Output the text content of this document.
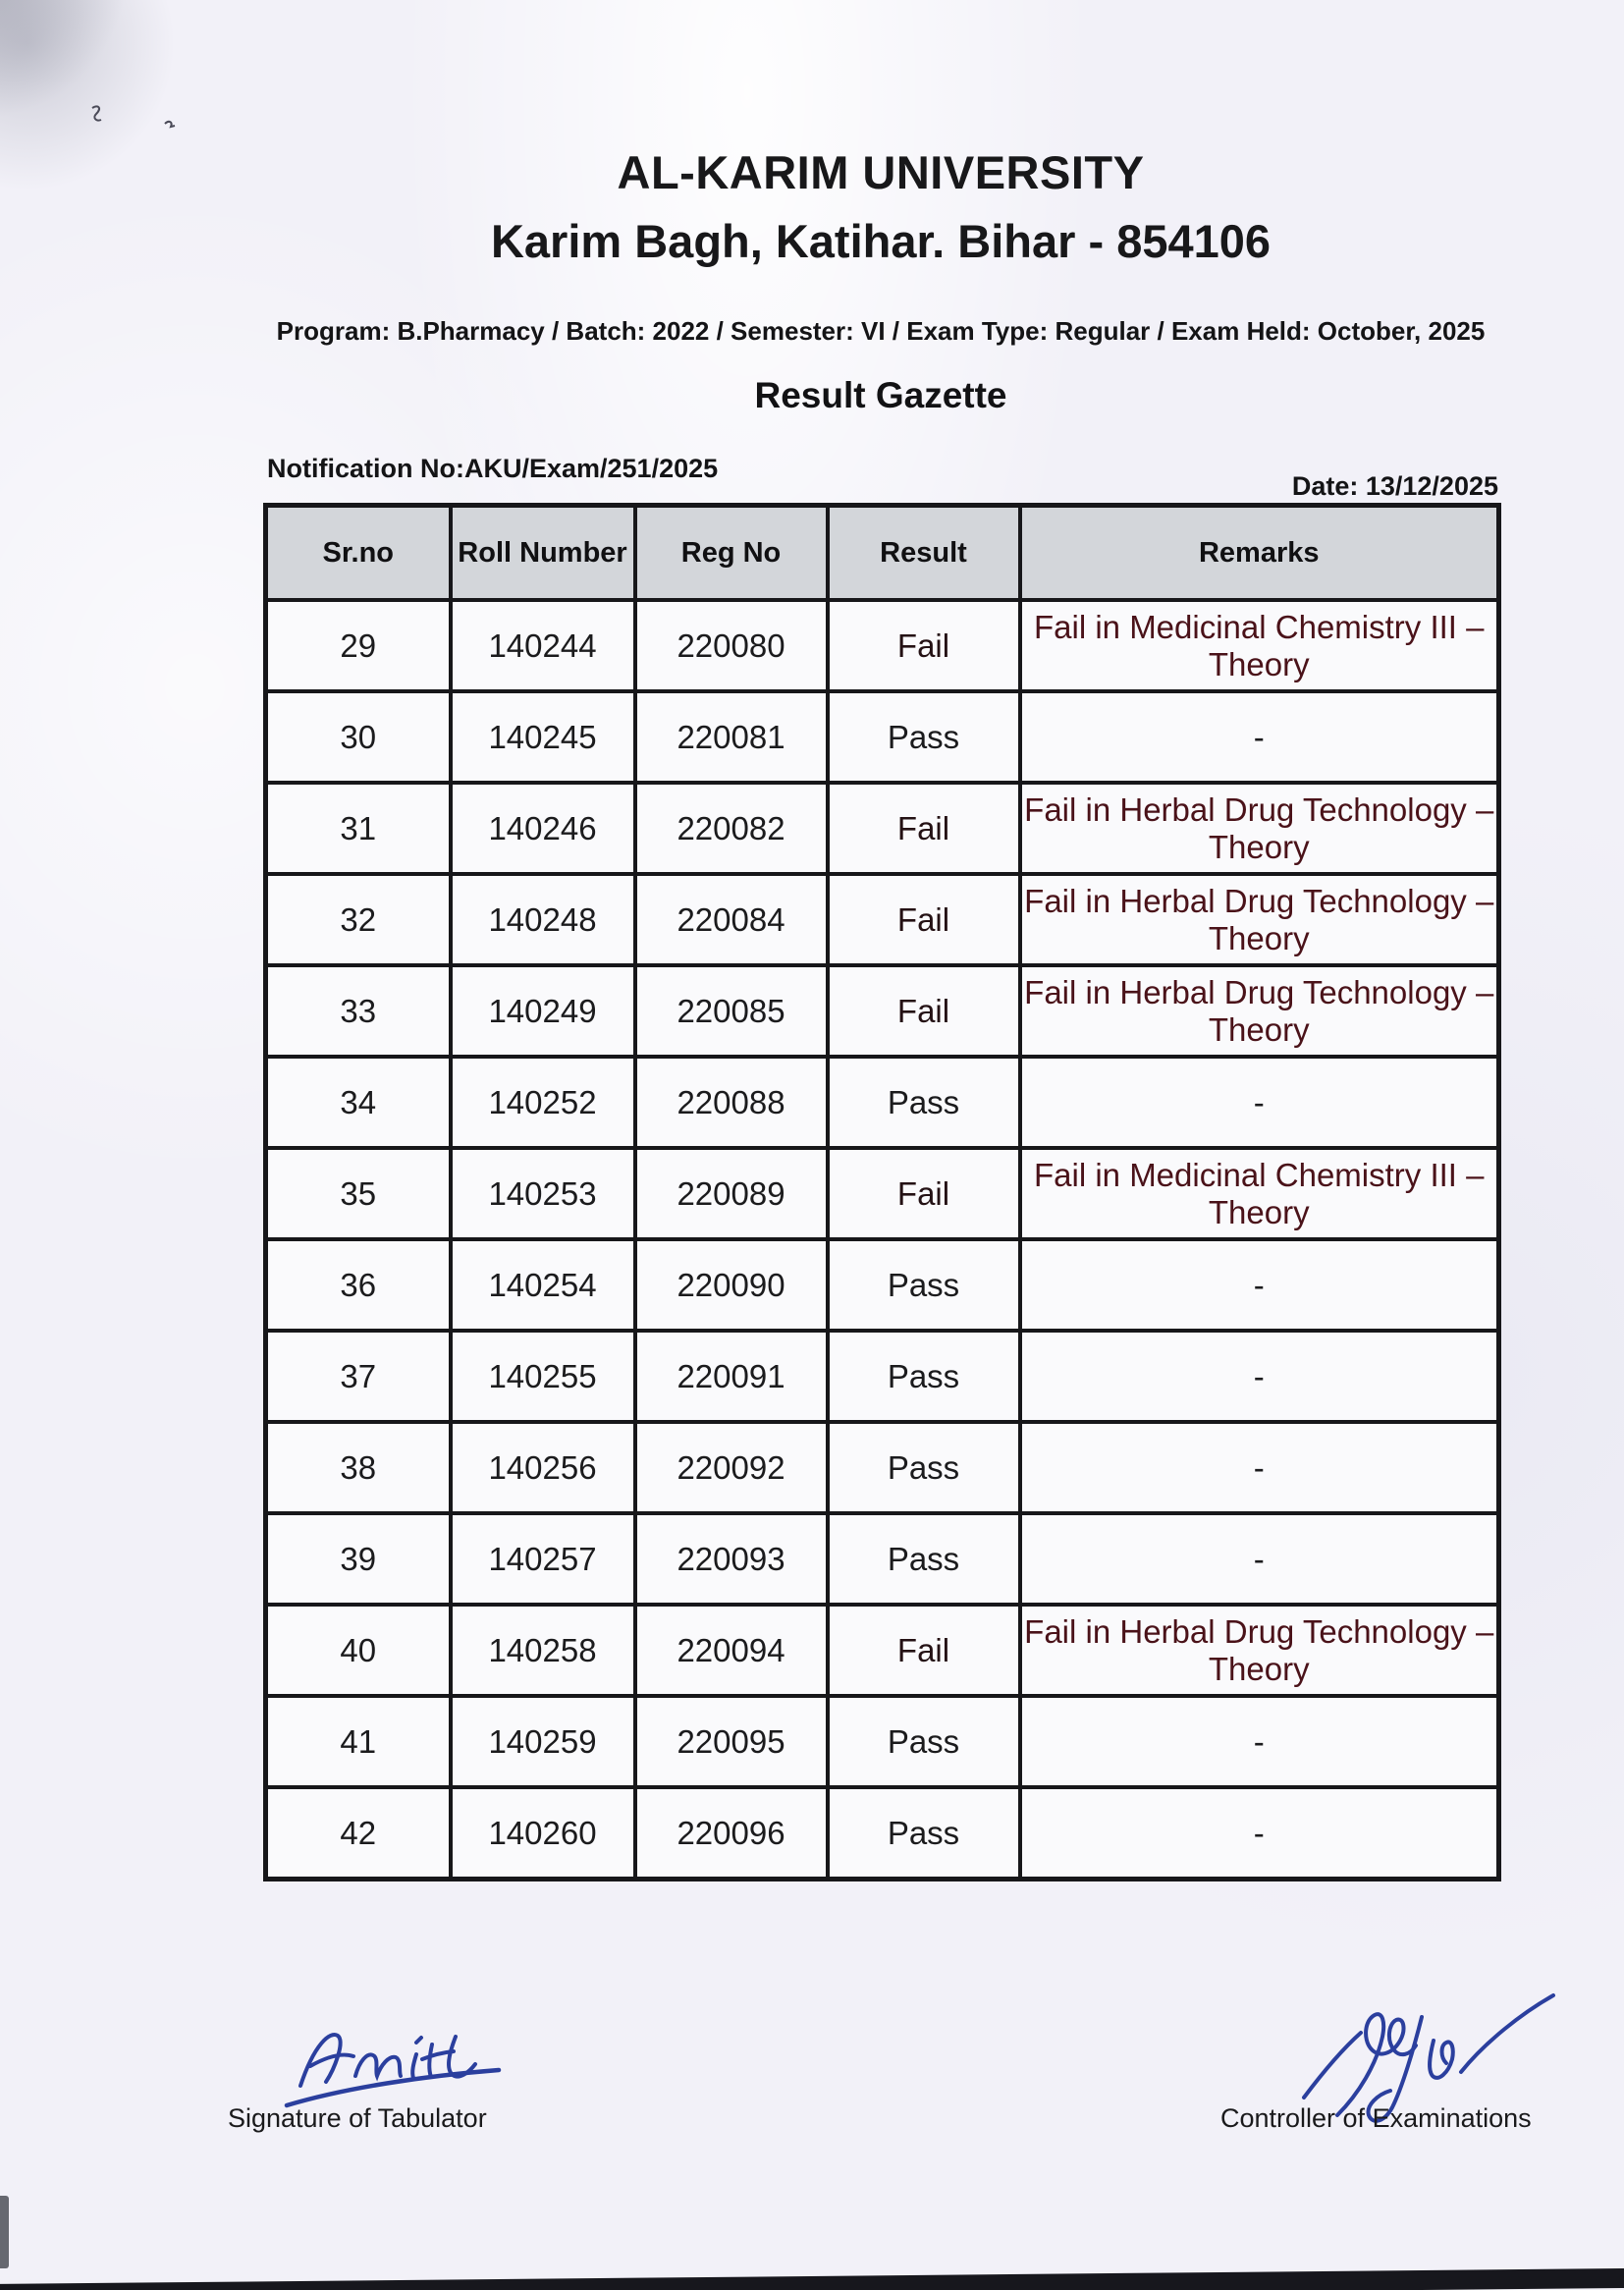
AL-KARIM UNIVERSITY
Karim Bagh, Katihar. Bihar - 854106
Program: B.Pharmacy / Batch: 2022 / Semester: VI / Exam Type: Regular / Exam Held: October, 2025
Result Gazette
Notification No:AKU/Exam/251/2025
Date: 13/12/2025
Sr.no	Roll Number	Reg No	Result	Remarks
29	140244	220080	Fail	Fail in Medicinal Chemistry III – Theory
30	140245	220081	Pass	-
31	140246	220082	Fail	Fail in Herbal Drug Technology – Theory
32	140248	220084	Fail	Fail in Herbal Drug Technology – Theory
33	140249	220085	Fail	Fail in Herbal Drug Technology – Theory
34	140252	220088	Pass	-
35	140253	220089	Fail	Fail in Medicinal Chemistry III – Theory
36	140254	220090	Pass	-
37	140255	220091	Pass	-
38	140256	220092	Pass	-
39	140257	220093	Pass	-
40	140258	220094	Fail	Fail in Herbal Drug Technology – Theory
41	140259	220095	Pass	-
42	140260	220096	Pass	-
Signature of Tabulator	Controller of Examinations
